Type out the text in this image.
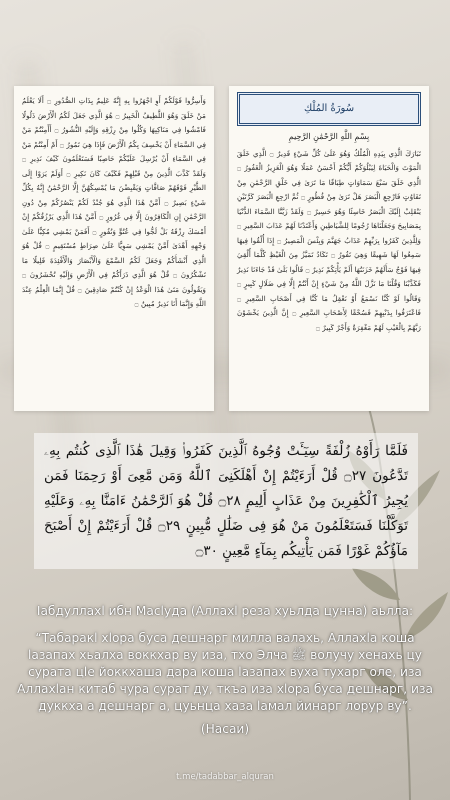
وَأَسِرُّوا قَوْلَكُمْ أَوِ اجْهَرُوا بِهِ إِنَّهُ عَلِيمٌ بِذَاتِ الصُّدُورِ ۝ أَلَا يَعْلَمُ مَنْ خَلَقَ وَهُوَ اللَّطِيفُ الْخَبِيرُ ۝ هُوَ الَّذِي جَعَلَ لَكُمُ الْأَرْضَ ذَلُولًا فَامْشُوا فِي مَنَاكِبِهَا وَكُلُوا مِنْ رِزْقِهِ وَإِلَيْهِ النُّشُورُ ۝ أَأَمِنْتُمْ مَنْ فِي السَّمَاءِ أَنْ يَخْسِفَ بِكُمُ الْأَرْضَ فَإِذَا هِيَ تَمُورُ ۝ أَمْ أَمِنْتُمْ مَنْ فِي السَّمَاءِ أَنْ يُرْسِلَ عَلَيْكُمْ حَاصِبًا فَسَتَعْلَمُونَ كَيْفَ نَذِيرِ ۝ وَلَقَدْ كَذَّبَ الَّذِينَ مِنْ قَبْلِهِمْ فَكَيْفَ كَانَ نَكِيرِ ۝ أَوَلَمْ يَرَوْا إِلَى الطَّيْرِ فَوْقَهُمْ صَافَّاتٍ وَيَقْبِضْنَ مَا يُمْسِكُهُنَّ إِلَّا الرَّحْمَٰنُ إِنَّهُ بِكُلِّ شَيْءٍ بَصِيرٌ ۝ أَمَّنْ هَٰذَا الَّذِي هُوَ جُنْدٌ لَكُمْ يَنْصُرُكُمْ مِنْ دُونِ الرَّحْمَٰنِ إِنِ الْكَافِرُونَ إِلَّا فِي غُرُورٍ ۝ أَمَّنْ هَٰذَا الَّذِي يَرْزُقُكُمْ إِنْ أَمْسَكَ رِزْقَهُ بَلْ لَجُّوا فِي عُتُوٍّ وَنُفُورٍ ۝ أَفَمَنْ يَمْشِي مُكِبًّا عَلَىٰ وَجْهِهِ أَهْدَىٰ أَمَّنْ يَمْشِي سَوِيًّا عَلَىٰ صِرَاطٍ مُسْتَقِيمٍ ۝ قُلْ هُوَ الَّذِي أَنْشَأَكُمْ وَجَعَلَ لَكُمُ السَّمْعَ وَالْأَبْصَارَ وَالْأَفْئِدَةَ قَلِيلًا مَا تَشْكُرُونَ ۝ قُلْ هُوَ الَّذِي ذَرَأَكُمْ فِي الْأَرْضِ وَإِلَيْهِ تُحْشَرُونَ ۝ وَيَقُولُونَ مَتَىٰ هَٰذَا الْوَعْدُ إِنْ كُنْتُمْ صَادِقِينَ ۝ قُلْ إِنَّمَا الْعِلْمُ عِنْدَ اللَّهِ وَإِنَّمَا أَنَا نَذِيرٌ مُبِينٌ ۝
سُورَةُ المُلْكِ
بِسْمِ اللَّهِ الرَّحْمَٰنِ الرَّحِيمِ
تَبَارَكَ الَّذِي بِيَدِهِ الْمُلْكُ وَهُوَ عَلَىٰ كُلِّ شَيْءٍ قَدِيرٌ ۝ الَّذِي خَلَقَ الْمَوْتَ وَالْحَيَاةَ لِيَبْلُوَكُمْ أَيُّكُمْ أَحْسَنُ عَمَلًا وَهُوَ الْعَزِيزُ الْغَفُورُ ۝ الَّذِي خَلَقَ سَبْعَ سَمَاوَاتٍ طِبَاقًا مَا تَرَىٰ فِي خَلْقِ الرَّحْمَٰنِ مِنْ تَفَاوُتٍ فَارْجِعِ الْبَصَرَ هَلْ تَرَىٰ مِنْ فُطُورٍ ۝ ثُمَّ ارْجِعِ الْبَصَرَ كَرَّتَيْنِ يَنْقَلِبْ إِلَيْكَ الْبَصَرُ خَاسِئًا وَهُوَ حَسِيرٌ ۝ وَلَقَدْ زَيَّنَّا السَّمَاءَ الدُّنْيَا بِمَصَابِيحَ وَجَعَلْنَاهَا رُجُومًا لِلشَّيَاطِينِ وَأَعْتَدْنَا لَهُمْ عَذَابَ السَّعِيرِ ۝ وَلِلَّذِينَ كَفَرُوا بِرَبِّهِمْ عَذَابُ جَهَنَّمَ وَبِئْسَ الْمَصِيرُ ۝ إِذَا أُلْقُوا فِيهَا سَمِعُوا لَهَا شَهِيقًا وَهِيَ تَفُورُ ۝ تَكَادُ تَمَيَّزُ مِنَ الْغَيْظِ كُلَّمَا أُلْقِيَ فِيهَا فَوْجٌ سَأَلَهُمْ خَزَنَتُهَا أَلَمْ يَأْتِكُمْ نَذِيرٌ ۝ قَالُوا بَلَىٰ قَدْ جَاءَنَا نَذِيرٌ فَكَذَّبْنَا وَقُلْنَا مَا نَزَّلَ اللَّهُ مِنْ شَيْءٍ إِنْ أَنْتُمْ إِلَّا فِي ضَلَالٍ كَبِيرٍ ۝ وَقَالُوا لَوْ كُنَّا نَسْمَعُ أَوْ نَعْقِلُ مَا كُنَّا فِي أَصْحَابِ السَّعِيرِ ۝ فَاعْتَرَفُوا بِذَنْبِهِمْ فَسُحْقًا لِأَصْحَابِ السَّعِيرِ ۝ إِنَّ الَّذِينَ يَخْشَوْنَ رَبَّهُمْ بِالْغَيْبِ لَهُمْ مَغْفِرَةٌ وَأَجْرٌ كَبِيرٌ ۝
فَلَمَّا رَأَوْهُ زُلْفَةً سِيٓـَٔتْ وُجُوهُ ٱلَّذِينَ كَفَرُوا۟ وَقِيلَ هَٰذَا ٱلَّذِى كُنتُم بِهِۦ تَدَّعُونَ ۝٢٧ قُلْ أَرَءَيْتُمْ إِنْ أَهْلَكَنِىَ ٱللَّهُ وَمَن مَّعِىَ أَوْ رَحِمَنَا فَمَن يُجِيرُ ٱلْكَٰفِرِينَ مِنْ عَذَابٍ أَلِيمٍ ۝٢٨ قُلْ هُوَ ٱلرَّحْمَٰنُ ءَامَنَّا بِهِۦ وَعَلَيْهِ تَوَكَّلْنَا فَسَتَعْلَمُونَ مَنْ هُوَ فِى ضَلَٰلٍ مُّبِينٍ ۝٢٩ قُلْ أَرَءَيْتُمْ إِنْ أَصْبَحَ مَآؤُكُمْ غَوْرًا فَمَن يَأْتِيكُم بِمَآءٍ مَّعِينٍ ۝٣٠

Iабдуллахl ибн Масlуда (Аллахl реза хуьлда цунна) аьлла:

“Табаракl хlора буса дешнарг милла валахь, Аллахlа коша lазапах хьалха воккхар ву иза, тхо Элча ﷺ волучу хенахь цу сурата цlе йоккхаша дара коша lазапах вуха тухарг олe, иза Аллахlан китаб чура сурат ду, ткъа иза хlора буса дешнарг, иза дуккха а дешнарг а, цуьнца хаза lамал йинарг лорур ву”.

(Насаи)

t.me/tadabbar_alquran
